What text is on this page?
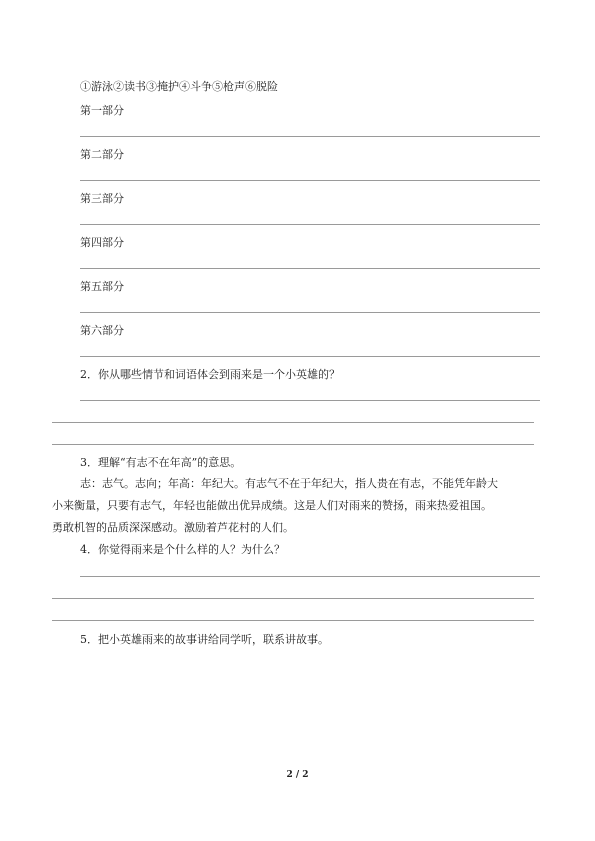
①游泳②读书③掩护④斗争⑤枪声⑥脱险
第一部分
第二部分
第三部分
第四部分
第五部分
第六部分
2．你从哪些情节和词语体会到雨来是一个小英雄的？
3．理解“有志不在年高”的意思。
志：志气。志向；年高：年纪大。有志气不在于年纪大，指人贵在有志，不能凭年龄大
小来衡量，只要有志气，年轻也能做出优异成绩。这是人们对雨来的赞扬，雨来热爱祖国。
勇敢机智的品质深深感动。激励着芦花村的人们。
4．你觉得雨来是个什么样的人？为什么？
5．把小英雄雨来的故事讲给同学听，联系讲故事。
2 / 2
